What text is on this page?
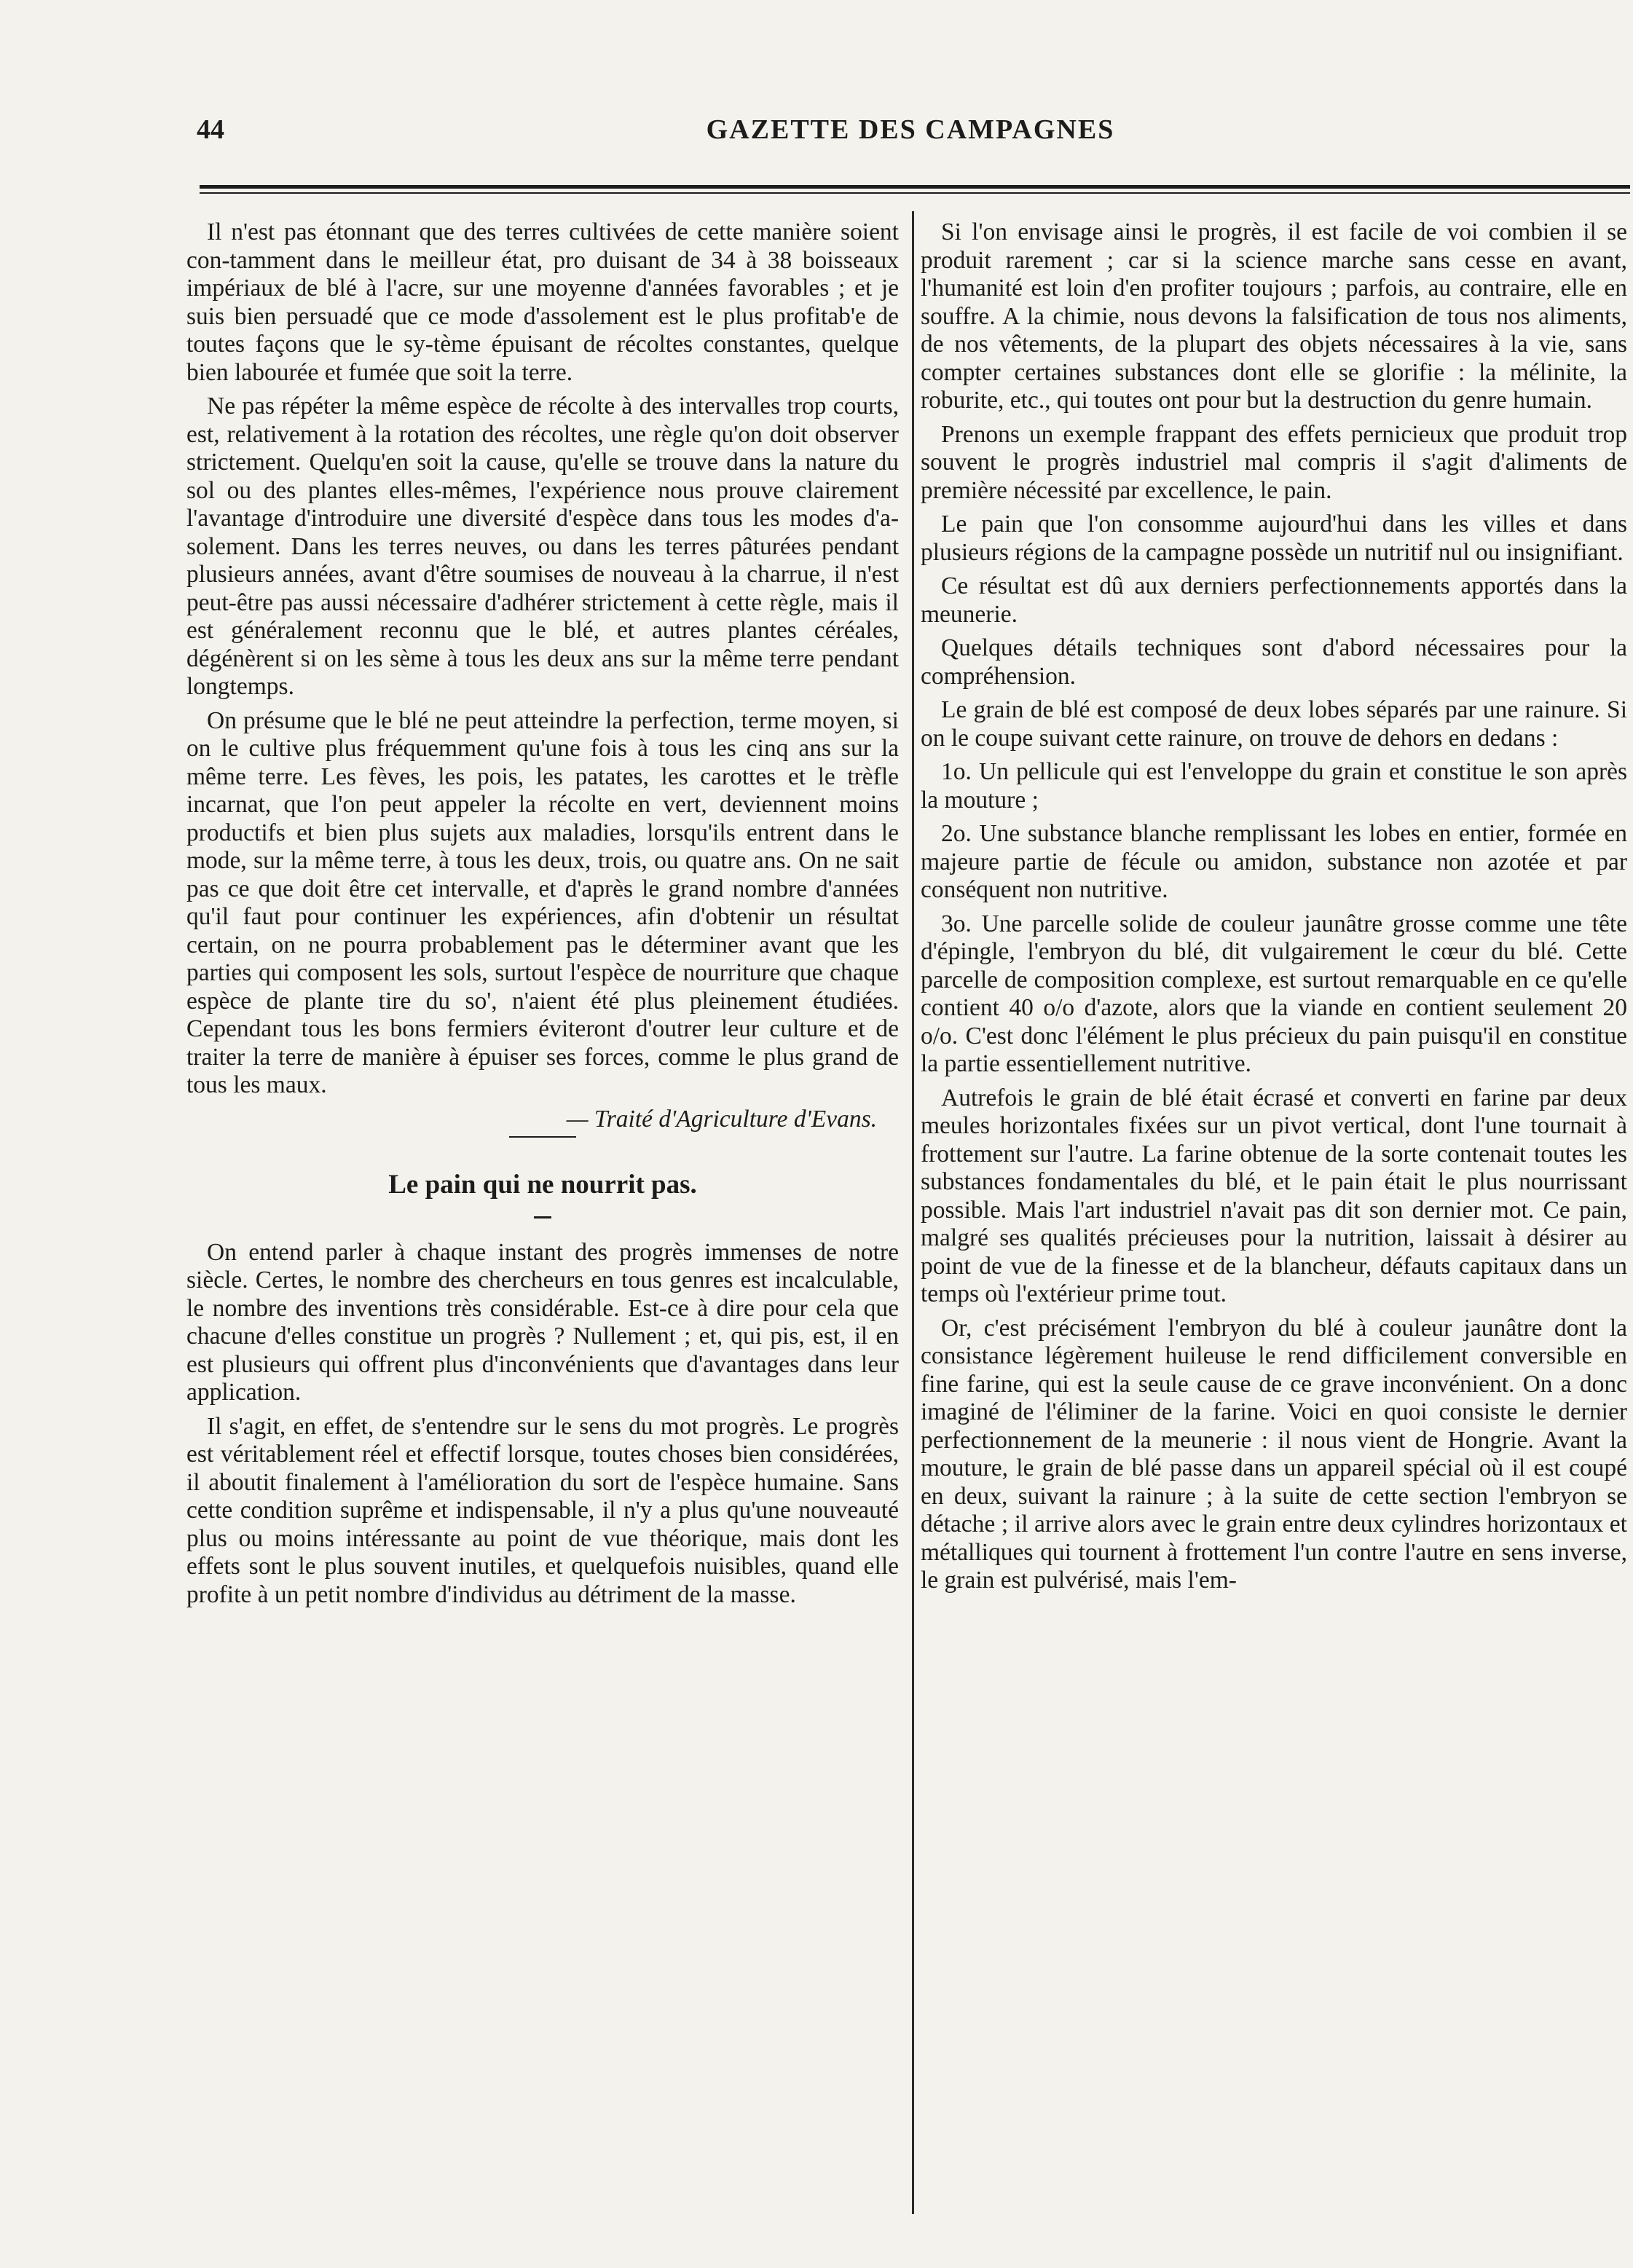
44	GAZETTE DES CAMPAGNES

Il n'est pas étonnant que des terres cultivées de cette manière soient con-tamment dans le meilleur état, pro duisant de 34 à 38 boisseaux impériaux de blé à l'acre, sur une moyenne d'années favorables ; et je suis bien persuadé que ce mode d'assolement est le plus profitab'e de toutes façons que le sy-tème épuisant de récoltes constantes, quelque bien labourée et fumée que soit la terre.

Ne pas répéter la même espèce de récolte à des intervalles trop courts, est, relativement à la rotation des récoltes, une règle qu'on doit observer strictement. Quelqu'en soit la cause, qu'elle se trouve dans la nature du sol ou des plantes elles-mêmes, l'expérience nous prouve clairement l'avantage d'introduire une diversité d'espèce dans tous les modes d'a-solement. Dans les terres neuves, ou dans les terres pâturées pendant plusieurs années, avant d'être soumises de nouveau à la charrue, il n'est peut-être pas aussi nécessaire d'adhérer strictement à cette règle, mais il est généralement reconnu que le blé, et autres plantes céréales, dégénèrent si on les sème à tous les deux ans sur la même terre pendant longtemps.

On présume que le blé ne peut atteindre la perfection, terme moyen, si on le cultive plus fréquemment qu'une fois à tous les cinq ans sur la même terre. Les fèves, les pois, les patates, les carottes et le trèfle incarnat, que l'on peut appeler la récolte en vert, deviennent moins productifs et bien plus sujets aux maladies, lorsqu'ils entrent dans le mode, sur la même terre, à tous les deux, trois, ou quatre ans. On ne sait pas ce que doit être cet intervalle, et d'après le grand nombre d'années qu'il faut pour continuer les expériences, afin d'obtenir un résultat certain, on ne pourra probablement pas le déterminer avant que les parties qui composent les sols, surtout l'espèce de nourriture que chaque espèce de plante tire du so', n'aient été plus pleinement étudiées. Cependant tous les bons fermiers éviteront d'outrer leur culture et de traiter la terre de manière à épuiser ses forces, comme le plus grand de tous les maux.

— Traité d'Agriculture d'Evans.
Le pain qui ne nourrit pas.

On entend parler à chaque instant des progrès immenses de notre siècle. Certes, le nombre des chercheurs en tous genres est incalculable, le nombre des inventions très considérable. Est-ce à dire pour cela que chacune d'elles constitue un progrès ? Nullement ; et, qui pis, est, il en est plusieurs qui offrent plus d'inconvénients que d'avantages dans leur application.

Il s'agit, en effet, de s'entendre sur le sens du mot progrès. Le progrès est véritablement réel et effectif lorsque, toutes choses bien considérées, il aboutit finalement à l'amélioration du sort de l'espèce humaine. Sans cette condition suprême et indispensable, il n'y a plus qu'une nouveauté plus ou moins intéressante au point de vue théorique, mais dont les effets sont le plus souvent inutiles, et quelquefois nuisibles, quand elle profite à un petit nombre d'individus au détriment de la masse.

Si l'on envisage ainsi le progrès, il est facile de voi combien il se produit rarement ; car si la science marche sans cesse en avant, l'humanité est loin d'en profiter toujours ; parfois, au contraire, elle en souffre. A la chimie, nous devons la falsification de tous nos aliments, de nos vêtements, de la plupart des objets nécessaires à la vie, sans compter certaines substances dont elle se glorifie : la mélinite, la roburite, etc., qui toutes ont pour but la destruction du genre humain.

Prenons un exemple frappant des effets pernicieux que produit trop souvent le progrès industriel mal compris il s'agit d'aliments de première nécessité par excellence, le pain.

Le pain que l'on consomme aujourd'hui dans les villes et dans plusieurs régions de la campagne possède un nutritif nul ou insignifiant.

Ce résultat est dû aux derniers perfectionnements apportés dans la meunerie.

Quelques détails techniques sont d'abord nécessaires pour la compréhension.

Le grain de blé est composé de deux lobes séparés par une rainure. Si on le coupe suivant cette rainure, on trouve de dehors en dedans :

1o. Un pellicule qui est l'enveloppe du grain et constitue le son après la mouture ;

2o. Une substance blanche remplissant les lobes en entier, formée en majeure partie de fécule ou amidon, substance non azotée et par conséquent non nutritive.

3o. Une parcelle solide de couleur jaunâtre grosse comme une tête d'épingle, l'embryon du blé, dit vulgairement le cœur du blé. Cette parcelle de composition complexe, est surtout remarquable en ce qu'elle contient 40 o/o d'azote, alors que la viande en contient seulement 20 o/o. C'est donc l'élément le plus précieux du pain puisqu'il en constitue la partie essentiellement nutritive.

Autrefois le grain de blé était écrasé et converti en farine par deux meules horizontales fixées sur un pivot vertical, dont l'une tournait à frottement sur l'autre. La farine obtenue de la sorte contenait toutes les substances fondamentales du blé, et le pain était le plus nourrissant possible. Mais l'art industriel n'avait pas dit son dernier mot. Ce pain, malgré ses qualités précieuses pour la nutrition, laissait à désirer au point de vue de la finesse et de la blancheur, défauts capitaux dans un temps où l'extérieur prime tout.

Or, c'est précisément l'embryon du blé à couleur jaunâtre dont la consistance légèrement huileuse le rend difficilement conversible en fine farine, qui est la seule cause de ce grave inconvénient. On a donc imaginé de l'éliminer de la farine. Voici en quoi consiste le dernier perfectionnement de la meunerie : il nous vient de Hongrie. Avant la mouture, le grain de blé passe dans un appareil spécial où il est coupé en deux, suivant la rainure ; à la suite de cette section l'embryon se détache ; il arrive alors avec le grain entre deux cylindres horizontaux et métalliques qui tournent à frottement l'un contre l'autre en sens inverse, le grain est pulvérisé, mais l'em-
